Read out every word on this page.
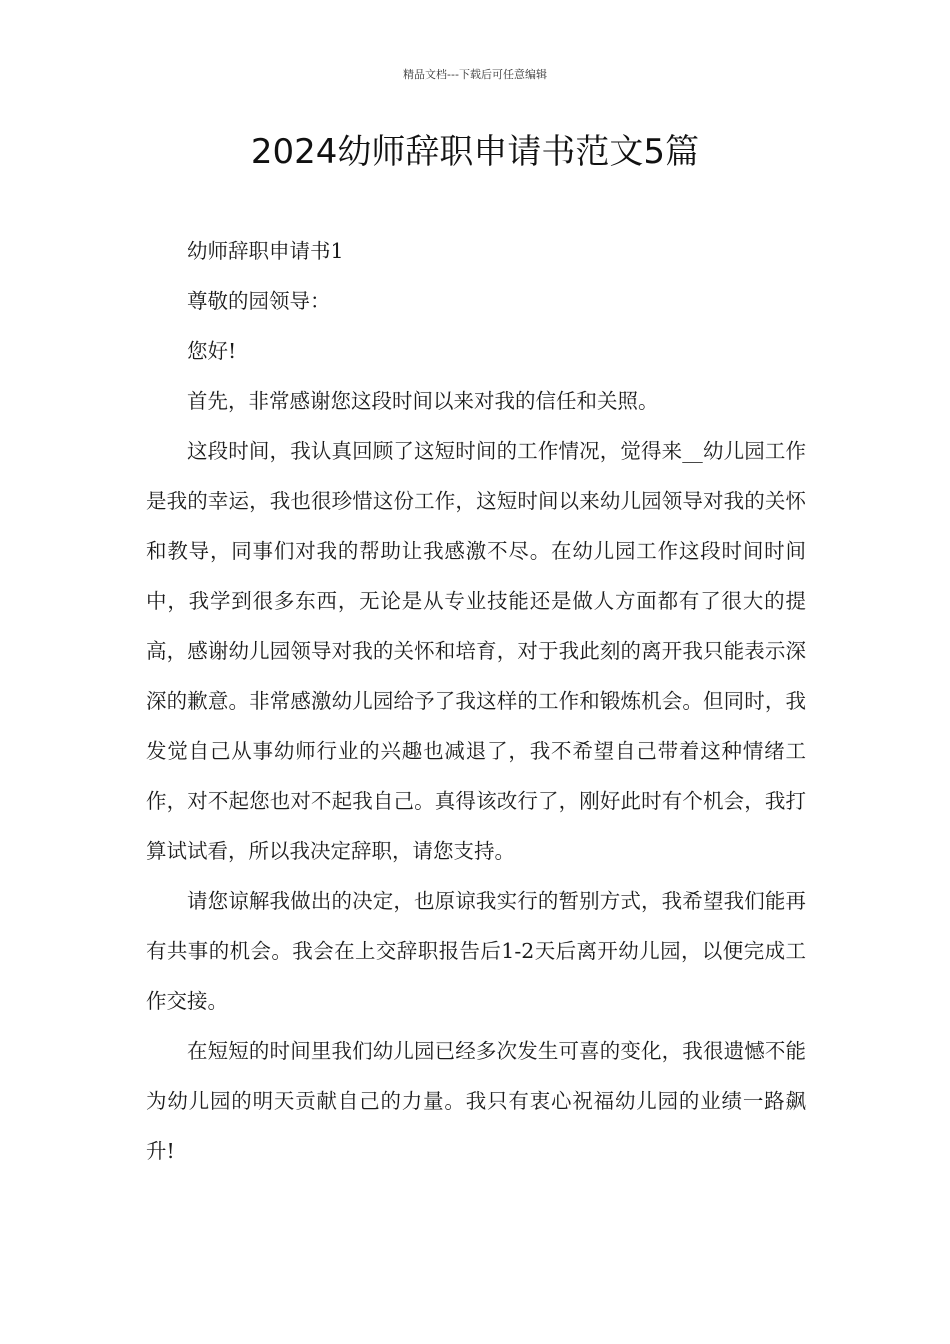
精品文档---下载后可任意编辑
2024幼师辞职申请书范文5篇

幼师辞职申请书1

尊敬的园领导：

您好!

首先，非常感谢您这段时间以来对我的信任和关照。

这段时间，我认真回顾了这短时间的工作情况，觉得来__幼儿园工作是我的幸运，我也很珍惜这份工作，这短时间以来幼儿园领导对我的关怀和教导，同事们对我的帮助让我感激不尽。在幼儿园工作这段时间时间中，我学到很多东西，无论是从专业技能还是做人方面都有了很大的提高，感谢幼儿园领导对我的关怀和培育，对于我此刻的离开我只能表示深深的歉意。非常感激幼儿园给予了我这样的工作和锻炼机会。但同时，我发觉自己从事幼师行业的兴趣也减退了，我不希望自己带着这种情绪工作，对不起您也对不起我自己。真得该改行了，刚好此时有个机会，我打算试试看，所以我决定辞职，请您支持。

请您谅解我做出的决定，也原谅我实行的暂别方式，我希望我们能再有共事的机会。我会在上交辞职报告后1-2天后离开幼儿园，以便完成工作交接。

在短短的时间里我们幼儿园已经多次发生可喜的变化，我很遗憾不能为幼儿园的明天贡献自己的力量。我只有衷心祝福幼儿园的业绩一路飙升!
